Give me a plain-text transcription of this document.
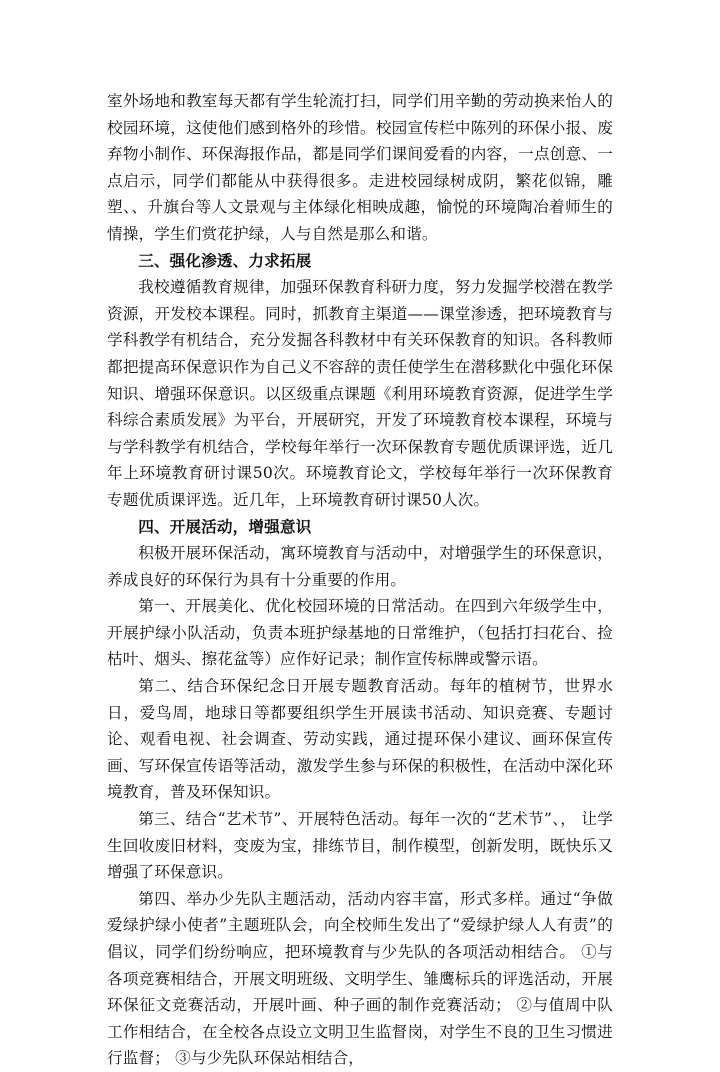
室外场地和教室每天都有学生轮流打扫，同学们用辛勤的劳动换来怡人的校园环境，这使他们感到格外的珍惜。校园宣传栏中陈列的环保小报、废弃物小制作、环保海报作品，都是同学们课间爱看的内容，一点创意、一点启示，同学们都能从中获得很多。走进校园绿树成阴，繁花似锦，雕塑、、升旗台等人文景观与主体绿化相映成趣，愉悦的环境陶冶着师生的情操，学生们赏花护绿，人与自然是那么和谐。

三、强化渗透、力求拓展

我校遵循教育规律，加强环保教育科研力度，努力发掘学校潜在教学资源，开发校本课程。同时，抓教育主渠道——课堂渗透，把环境教育与学科教学有机结合，充分发掘各科教材中有关环保教育的知识。各科教师都把提高环保意识作为自己义不容辞的责任使学生在潜移默化中强化环保知识、增强环保意识。以区级重点课题《利用环境教育资源，促进学生学科综合素质发展》为平台，开展研究，开发了环境教育校本课程，环境与与学科教学有机结合，学校每年举行一次环保教育专题优质课评选，近几年上环境教育研讨课50次。环境教育论文，学校每年举行一次环保教育专题优质课评选。近几年，上环境教育研讨课50人次。

四、开展活动，增强意识

积极开展环保活动，寓环境教育与活动中，对增强学生的环保意识，养成良好的环保行为具有十分重要的作用。

第一、开展美化、优化校园环境的日常活动。在四到六年级学生中，开展护绿小队活动，负责本班护绿基地的日常维护，（包括打扫花台、捡枯叶、烟头、擦花盆等）应作好记录；制作宣传标牌或警示语。

第二、结合环保纪念日开展专题教育活动。每年的植树节，世界水日，爱鸟周，地球日等都要组织学生开展读书活动、知识竞赛、专题讨论、观看电视、社会调查、劳动实践，通过提环保小建议、画环保宣传画、写环保宣传语等活动，激发学生参与环保的积极性，在活动中深化环境教育，普及环保知识。

第三、结合“艺术节”、开展特色活动。每年一次的“艺术节”、， 让学生回收废旧材料，变废为宝，排练节目，制作模型，创新发明，既快乐又增强了环保意识。

第四、举办少先队主题活动，活动内容丰富，形式多样。通过“争做爱绿护绿小使者”主题班队会，向全校师生发出了“爱绿护绿人人有责”的倡议，同学们纷纷响应，把环境教育与少先队的各项活动相结合。 ①与各项竞赛相结合，开展文明班级、文明学生、雏鹰标兵的评选活动，开展环保征文竞赛活动，开展叶画、种子画的制作竞赛活动； ②与值周中队工作相结合，在全校各点设立文明卫生监督岗，对学生不良的卫生习惯进行监督； ③与少先队环保站相结合，
